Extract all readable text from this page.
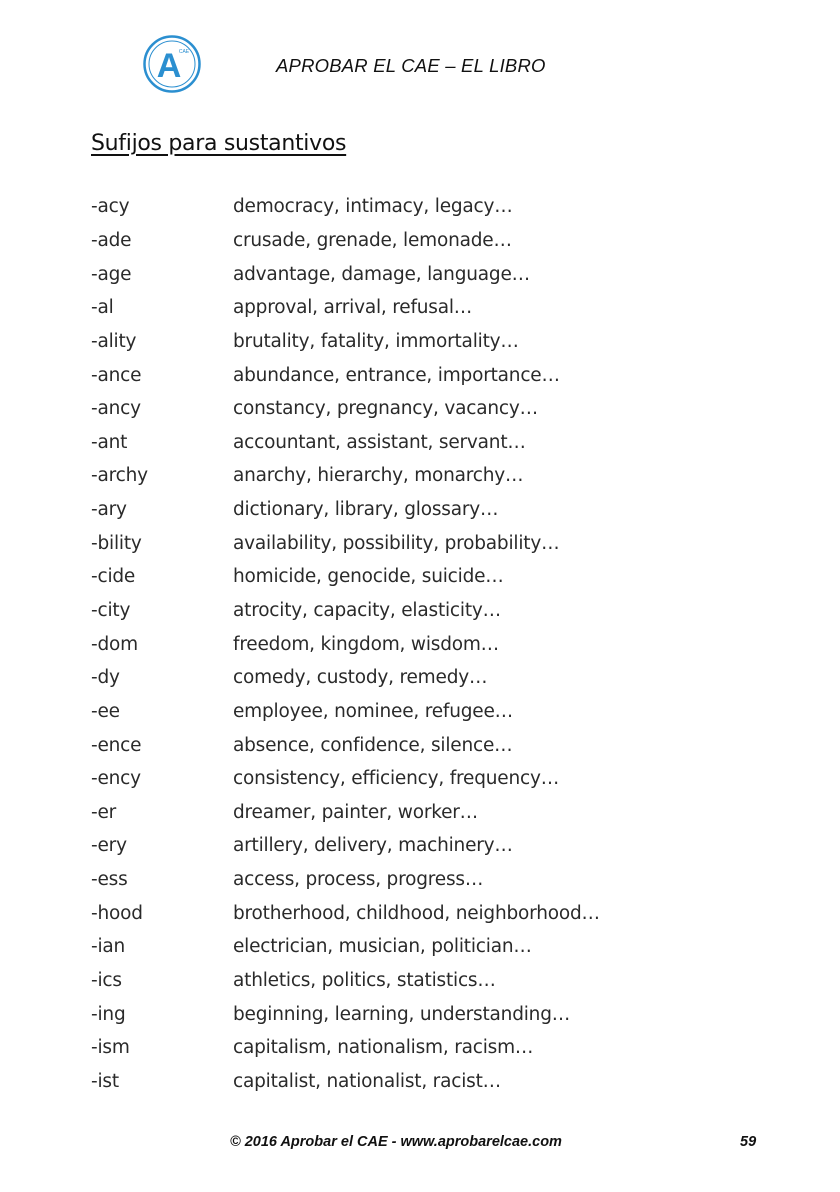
A
CAE
APROBAR EL CAE – EL LIBRO
Sufijos para sustantivos
-acy	democracy, intimacy, legacy…
-ade	crusade, grenade, lemonade…
-age	advantage, damage, language…
-al	approval, arrival, refusal…
-ality	brutality, fatality, immortality…
-ance	abundance, entrance, importance…
-ancy	constancy, pregnancy, vacancy…
-ant	accountant, assistant, servant…
-archy	anarchy, hierarchy, monarchy…
-ary	dictionary, library, glossary…
-bility	availability, possibility, probability…
-cide	homicide, genocide, suicide…
-city	atrocity, capacity, elasticity…
-dom	freedom, kingdom, wisdom…
-dy	comedy, custody, remedy…
-ee	employee, nominee, refugee…
-ence	absence, confidence, silence…
-ency	consistency, efficiency, frequency…
-er	dreamer, painter, worker…
-ery	artillery, delivery, machinery…
-ess	access, process, progress…
-hood	brotherhood, childhood, neighborhood…
-ian	electrician, musician, politician…
-ics	athletics, politics, statistics…
-ing	beginning, learning, understanding…
-ism	capitalism, nationalism, racism…
-ist	capitalist, nationalist, racist…
© 2016 Aprobar el CAE - www.aprobarelcae.com	59
